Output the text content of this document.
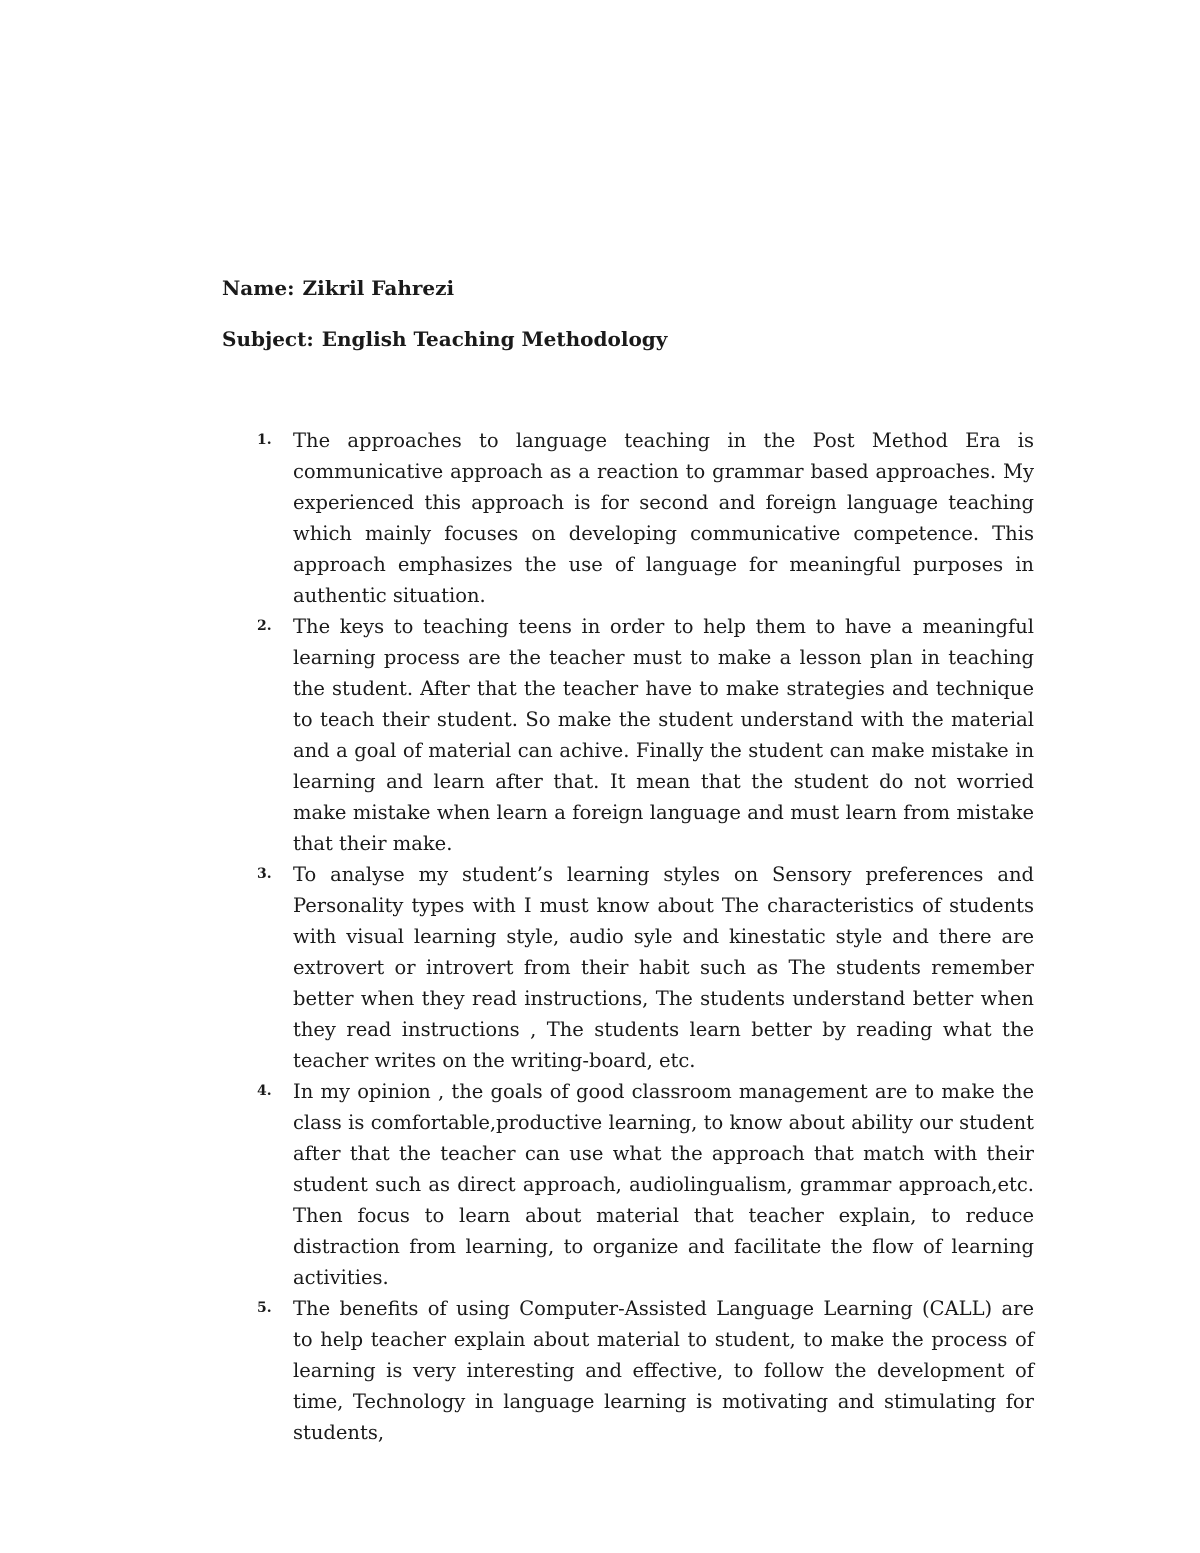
Name: Zikril Fahrezi
Subject: English Teaching Methodology
1. The approaches to language teaching in the Post Method Era is communicative approach as a reaction to grammar based approaches. My experienced this approach is for second and foreign language teaching which mainly focuses on developing communicative competence. This approach emphasizes the use of language for meaningful purposes in authentic situation.
2. The keys to teaching teens in order to help them to have a meaningful learning process are the teacher must to make a lesson plan in teaching the student. After that the teacher have to make strategies and technique to teach their student. So make the student understand with the material and a goal of material can achive. Finally the student can make mistake in learning and learn after that. It mean that the student do not worried make mistake when learn a foreign language and must learn from mistake that their make.
3. To analyse my student’s learning styles on Sensory preferences and Personality types with I must know about The characteristics of students with visual learning style, audio syle and kinestatic style and there are extrovert or introvert from their habit such as The students remember better when they read instructions, The students understand better when they read instructions , The students learn better by reading what the teacher writes on the writing-board, etc.
4. In my opinion , the goals of good classroom management are to make the class is comfortable,productive learning, to know about ability our student after that the teacher can use what the approach that match with their student such as direct approach, audiolingualism, grammar approach,etc. Then focus to learn about material that teacher explain, to reduce distraction from learning, to organize and facilitate the flow of learning activities.
5. The benefits of using Computer-Assisted Language Learning (CALL) are to help teacher explain about material to student, to make the process of learning is very interesting and effective, to follow the development of time, Technology in language learning is motivating and stimulating for students,
